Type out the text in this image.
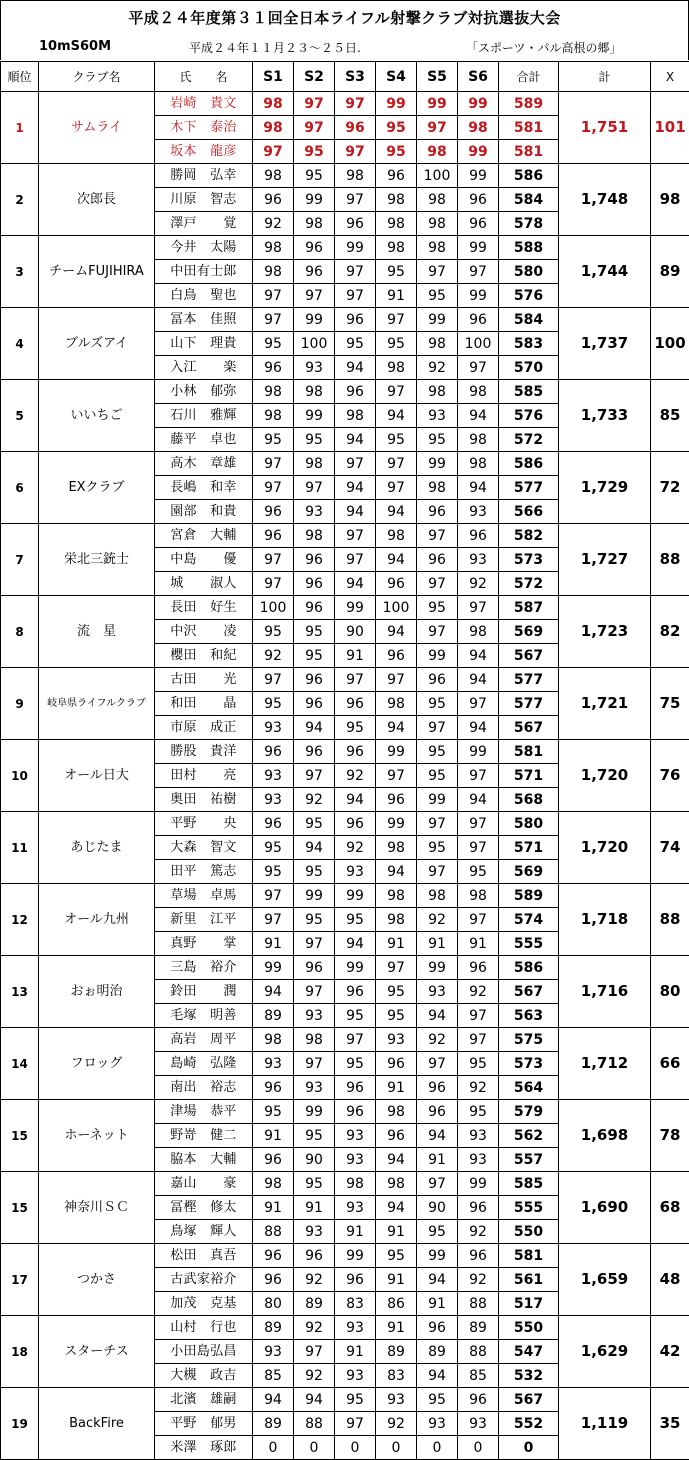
平成２４年度第３１回全日本ライフル射撃クラブ対抗選抜大会
10mS60M	平成２４年１１月２３～２５日.	「スポーツ・パル高根の郷」
順位	クラブ名	氏　　名	S1	S2	S3	S4	S5	S6	合計	計	X
1	サムライ	岩崎　貴文	98	97	97	99	99	99	589	1,751	101
		木下　泰治	98	97	96	95	97	98	581		
		坂本　龍彦	97	95	97	95	98	99	581		
2	次郎長	勝岡　弘幸	98	95	98	96	100	99	586	1,748	98
		川原　智志	96	99	97	98	98	96	584		
		澤戸　　覚	92	98	96	98	98	96	578		
3	チームFUJIHIRA	今井　太陽	98	96	99	98	98	99	588	1,744	89
		中田有士郎	98	96	97	95	97	97	580		
		白鳥　聖也	97	97	97	91	95	99	576		
4	ブルズアイ	冨本　佳照	97	99	96	97	99	96	584	1,737	100
		山下　理貴	95	100	95	95	98	100	583		
		入江　　楽	96	93	94	98	92	97	570		
5	いいちご	小林　郁弥	98	98	96	97	98	98	585	1,733	85
		石川　雅輝	98	99	98	94	93	94	576		
		藤平　卓也	95	95	94	95	95	98	572		
6	EXクラブ	高木　章雄	97	98	97	97	99	98	586	1,729	72
		長嶋　和幸	97	97	94	97	98	94	577		
		園部　和貴	96	93	94	94	96	93	566		
7	栄北三銃士	宮倉　大輔	96	98	97	98	97	96	582	1,727	88
		中島　　優	97	96	97	94	96	93	573		
		城　　淑人	97	96	94	96	97	92	572		
8	流　星	長田　好生	100	96	99	100	95	97	587	1,723	82
		中沢　　凌	95	95	90	94	97	98	569		
		櫻田　和紀	92	95	91	96	99	94	567		
9	岐阜県ライフルクラブ	古田　　光	97	96	97	97	96	94	577	1,721	75
		和田　　晶	95	96	96	98	95	97	577		
		市原　成正	93	94	95	94	97	94	567		
10	オール日大	勝股　貴洋	96	96	96	99	95	99	581	1,720	76
		田村　　亮	93	97	92	97	95	97	571		
		奥田　祐樹	93	92	94	96	99	94	568		
11	あじたま	平野　　央	96	95	96	99	97	97	580	1,720	74
		大森　智文	95	94	92	98	95	97	571		
		田平　篤志	95	95	93	94	97	95	569		
12	オール九州	草場　卓馬	97	99	99	98	98	98	589	1,718	88
		新里　江平	97	95	95	98	92	97	574		
		真野　　掌	91	97	94	91	91	91	555		
13	おぉ明治	三島　裕介	99	96	99	97	99	96	586	1,716	80
		鈴田　　潤	94	97	96	95	93	92	567		
		毛塚　明善	89	93	95	95	94	97	563		
14	フロッグ	高岩　周平	98	98	97	93	92	97	575	1,712	66
		島崎　弘隆	93	97	95	96	97	95	573		
		南出　裕志	96	93	96	91	96	92	564		
15	ホーネット	津場　恭平	95	99	96	98	96	95	579	1,698	78
		野嵜　健二	91	95	93	96	94	93	562		
		脇本　大輔	96	90	93	94	91	93	557		
15	神奈川ＳＣ	嘉山　　豪	98	95	98	98	97	99	585	1,690	68
		冨樫　修太	91	91	93	94	90	96	555		
		鳥塚　輝人	88	93	91	91	95	92	550		
17	つかさ	松田　真吾	96	96	99	95	99	96	581	1,659	48
		古武家裕介	96	92	96	91	94	92	561		
		加茂　克基	80	89	83	86	91	88	517		
18	スターチス	山村　行也	89	92	93	91	96	89	550	1,629	42
		小田島弘昌	93	97	91	89	89	88	547		
		大槻　政吉	85	92	93	83	94	85	532		
19	BackFire	北濱　雄嗣	94	94	95	93	95	96	567	1,119	35
		平野　郁男	89	88	97	92	93	93	552		
		米澤　琢郎	0	0	0	0	0	0	0		
